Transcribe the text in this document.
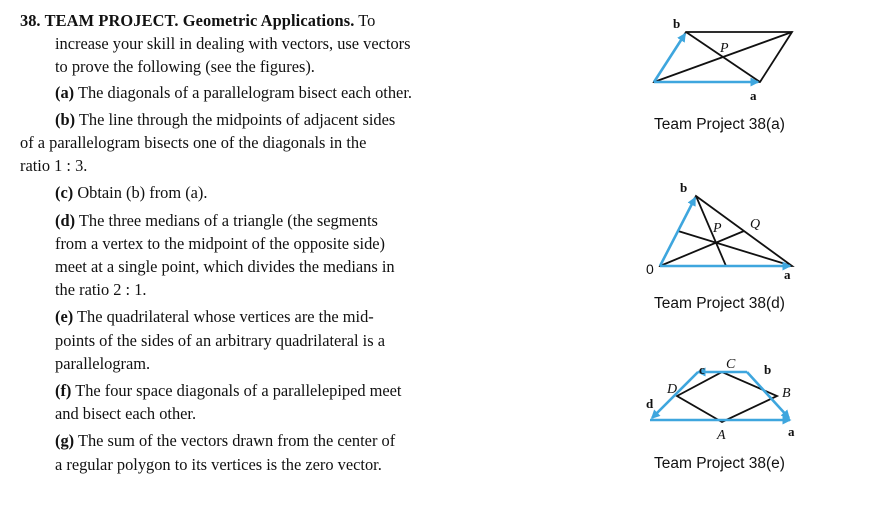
38. TEAM PROJECT. Geometric Applications. To
increase your skill in dealing with vectors, use vectors
to prove the following (see the figures).
(a) The diagonals of a parallelogram bisect each other.
(b) The line through the midpoints of adjacent sides
of a parallelogram bisects one of the diagonals in the
ratio 1 : 3.
(c) Obtain (b) from (a).
(d) The three medians of a triangle (the segments
from a vertex to the midpoint of the opposite side)
meet at a single point, which divides the medians in
the ratio 2 : 1.
(e) The quadrilateral whose vertices are the mid-
points of the sides of an arbitrary quadrilateral is a
parallelogram.
(f) The four space diagonals of a parallelepiped meet
and bisect each other.
(g) The sum of the vectors drawn from the center of
a regular polygon to its vertices is the zero vector.
b
a
P
Team Project 38(a)
b
a
P Q
0
Team Project 38(d)
c C b
D	B
d
A	a
Team Project 38(e)
